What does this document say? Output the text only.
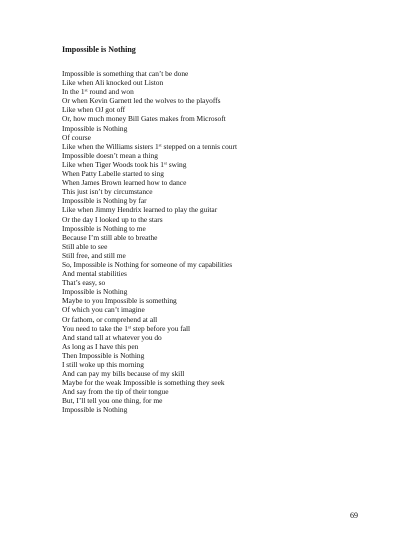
Impossible is Nothing
Impossible is something that can’t be done
Like when Ali knocked out Liston
In the 1st round and won
Or when Kevin Garnett led the wolves to the playoffs
Like when OJ got off
Or, how much money Bill Gates makes from Microsoft
Impossible is Nothing
Of course
Like when the Williams sisters 1st stepped on a tennis court
Impossible doesn’t mean a thing
Like when Tiger Woods took his 1st swing
When Patty Labelle started to sing
When James Brown learned how to dance
This just isn’t by circumstance
Impossible is Nothing by far
Like when Jimmy Hendrix learned to play the guitar
Or the day I looked up to the stars
Impossible is Nothing to me
Because I’m still able to breathe
Still able to see
Still free, and still me
So, Impossible is Nothing for someone of my capabilities
And mental stabilities
That’s easy, so
Impossible is Nothing
Maybe to you Impossible is something
Of which you can’t imagine
Or fathom, or comprehend at all
You need to take the 1st step before you fall
And stand tall at whatever you do
As long as I have this pen
Then Impossible is Nothing
I still woke up this morning
And can pay my bills because of my skill
Maybe for the weak Impossible is something they seek
And say from the tip of their tongue
But, I’ll tell you one thing, for me
Impossible is Nothing
69
